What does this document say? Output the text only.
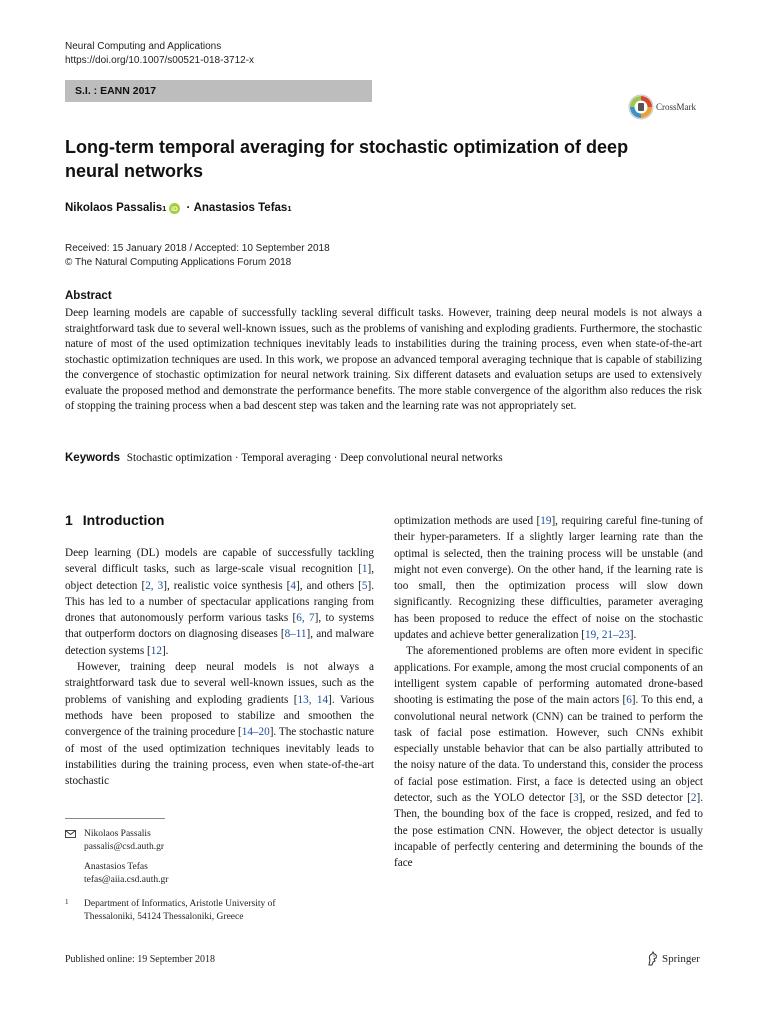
Neural Computing and Applications
https://doi.org/10.1007/s00521-018-3712-x
S.I. : EANN 2017
CrossMark
Long-term temporal averaging for stochastic optimization of deep
neural networks
Nikolaos Passalis 1 iD · Anastasios Tefas 1
Received: 15 January 2018 / Accepted: 10 September 2018
© The Natural Computing Applications Forum 2018
Abstract
Deep learning models are capable of successfully tackling several difficult tasks. However, training deep neural models is not always a straightforward task due to several well-known issues, such as the problems of vanishing and exploding gradients. Furthermore, the stochastic nature of most of the used optimization techniques inevitably leads to instabilities during the training process, even when state-of-the-art stochastic optimization techniques are used. In this work, we propose an advanced temporal averaging technique that is capable of stabilizing the convergence of stochastic optimization for neural network training. Six different datasets and evaluation setups are used to extensively evaluate the proposed method and demonstrate the performance benefits. The more stable convergence of the algorithm also reduces the risk of stopping the training process when a bad descent step was taken and the learning rate was not appropriately set.
Keywords Stochastic optimization · Temporal averaging · Deep convolutional neural networks
1 Introduction

Deep learning (DL) models are capable of successfully tackling several difficult tasks, such as large-scale visual recognition [1], object detection [2, 3], realistic voice synthesis [4], and others [5]. This has led to a number of spectacular applications ranging from drones that autonomously perform various tasks [6, 7], to systems that outperform doctors on diagnosing diseases [8–11], and malware detection systems [12].

However, training deep neural models is not always a straightforward task due to several well-known issues, such as the problems of vanishing and exploding gradients [13, 14]. Various methods have been proposed to stabilize and smoothen the convergence of the training procedure [14–20]. The stochastic nature of most of the used optimization techniques inevitably leads to instabilities during the training process, even when state-of-the-art stochastic

optimization methods are used [19], requiring careful fine-tuning of their hyper-parameters. If a slightly larger learning rate than the optimal is selected, then the training process will be unstable (and might not even converge). On the other hand, if the learning rate is too small, then the optimization process will slow down significantly. Recognizing these difficulties, parameter averaging has been proposed to reduce the effect of noise on the stochastic updates and achieve better generalization [19, 21–23].

The aforementioned problems are often more evident in specific applications. For example, among the most crucial components of an intelligent system capable of performing automated drone-based shooting is estimating the pose of the main actors [6]. To this end, a convolutional neural network (CNN) can be trained to perform the task of facial pose estimation. However, such CNNs exhibit especially unstable behavior that can be also partially attributed to the noisy nature of the data. To understand this, consider the process of facial pose estimation. First, a face is detected using an object detector, such as the YOLO detector [3], or the SSD detector [2]. Then, the bounding box of the face is cropped, resized, and fed to the pose estimation CNN. However, the object detector is usually incapable of perfectly centering and determining the bounds of the face

Nikolaos Passalis
passalis@csd.auth.gr
Anastasios Tefas
tefas@aiia.csd.auth.gr
1 Department of Informatics, Aristotle University of
Thessaloniki, 54124 Thessaloniki, Greece
Published online: 19 September 2018	Springer
